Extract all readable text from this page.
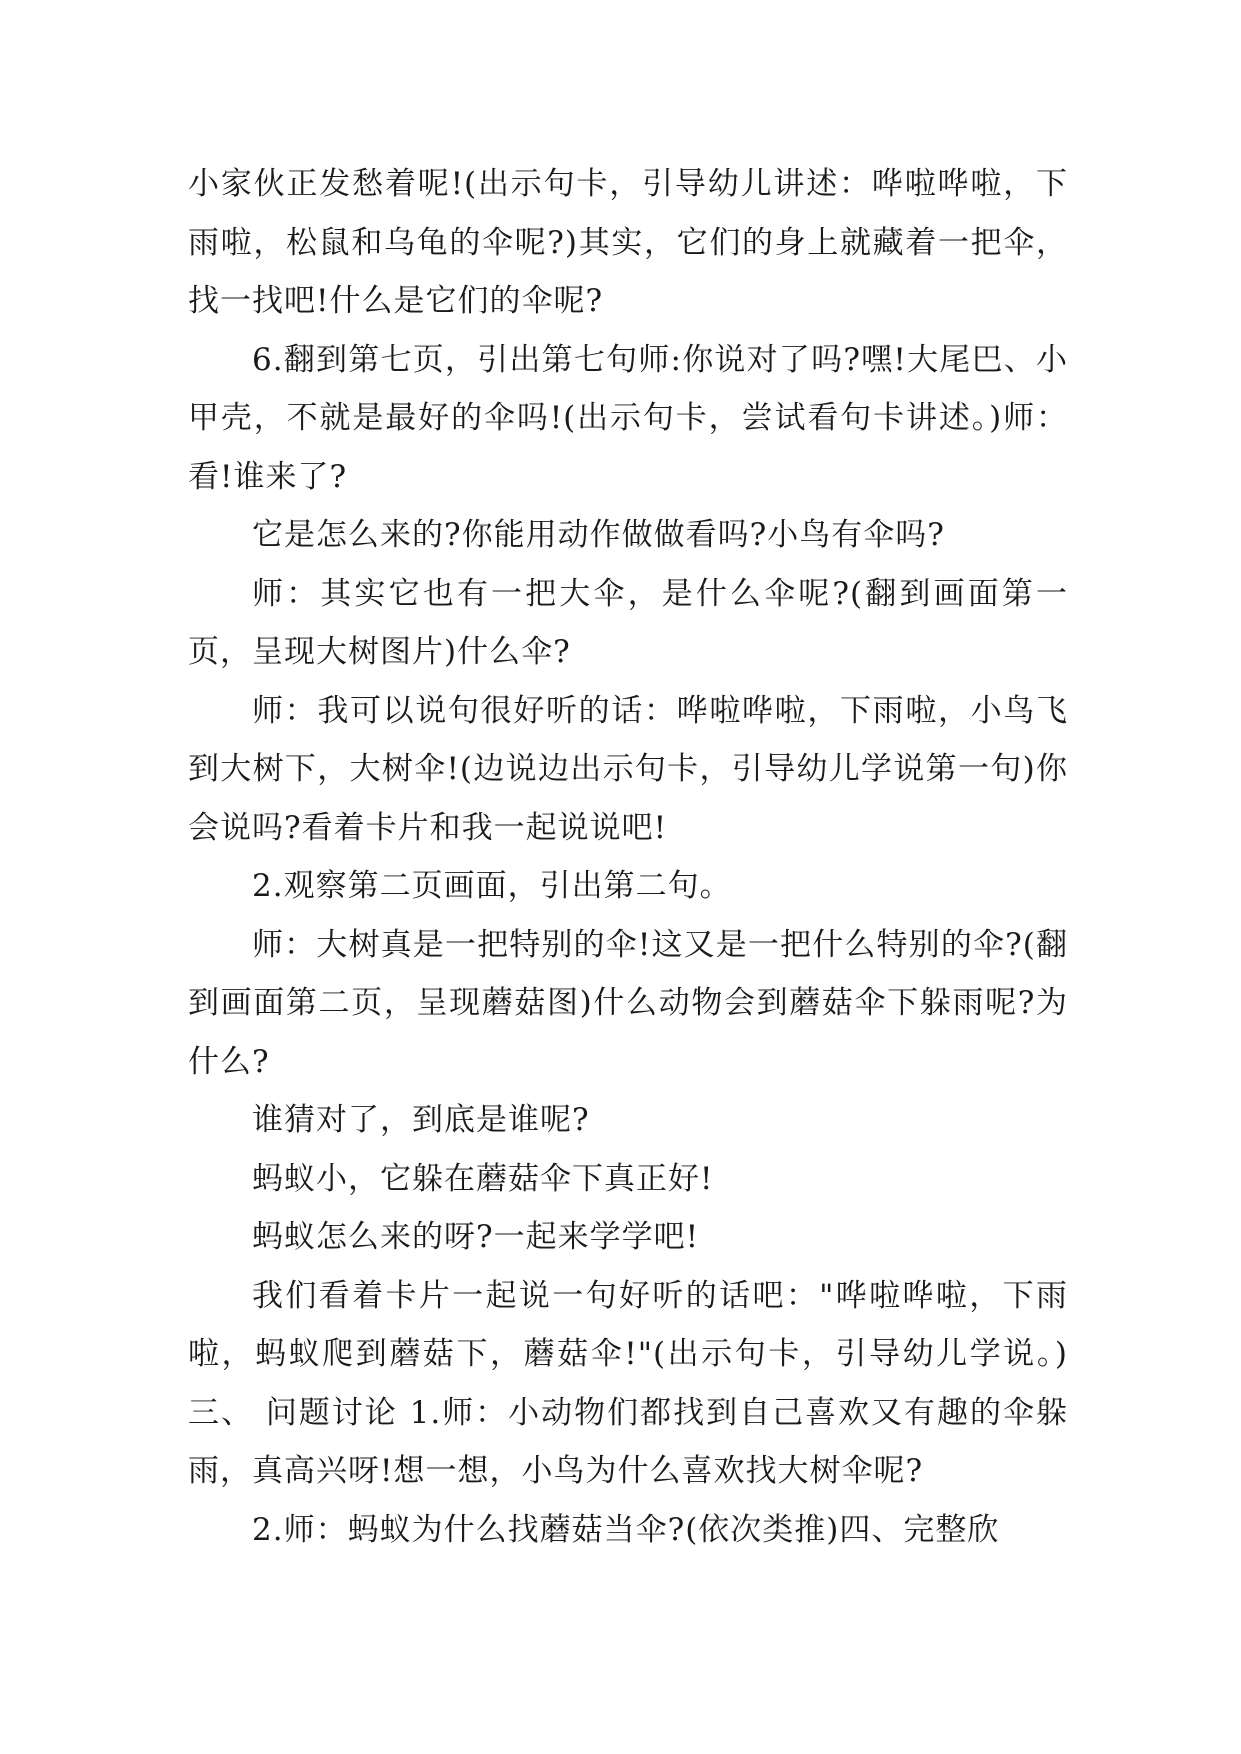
小家伙正发愁着呢!(出示句卡，引导幼儿讲述：哗啦哗啦，下雨啦，松鼠和乌龟的伞呢?)其实，它们的身上就藏着一把伞，找一找吧!什么是它们的伞呢?

6.翻到第七页，引出第七句师:你说对了吗?嘿!大尾巴、小甲壳，不就是最好的伞吗!(出示句卡，尝试看句卡讲述。)师：看!谁来了?

它是怎么来的?你能用动作做做看吗?小鸟有伞吗?

师：其实它也有一把大伞，是什么伞呢?(翻到画面第一页，呈现大树图片)什么伞?

师：我可以说句很好听的话：哗啦哗啦，下雨啦，小鸟飞到大树下，大树伞!(边说边出示句卡，引导幼儿学说第一句)你会说吗?看着卡片和我一起说说吧!

2.观察第二页画面，引出第二句。

师：大树真是一把特别的伞!这又是一把什么特别的伞?(翻到画面第二页，呈现蘑菇图)什么动物会到蘑菇伞下躲雨呢?为什么?

谁猜对了，到底是谁呢?

蚂蚁小，它躲在蘑菇伞下真正好!

蚂蚁怎么来的呀?一起来学学吧!

我们看着卡片一起说一句好听的话吧："哗啦哗啦，下雨啦，蚂蚁爬到蘑菇下，蘑菇伞!"(出示句卡，引导幼儿学说。)三、 问题讨论 1.师：小动物们都找到自己喜欢又有趣的伞躲雨，真高兴呀!想一想，小鸟为什么喜欢找大树伞呢?

2.师：蚂蚁为什么找蘑菇当伞?(依次类推)四、完整欣
